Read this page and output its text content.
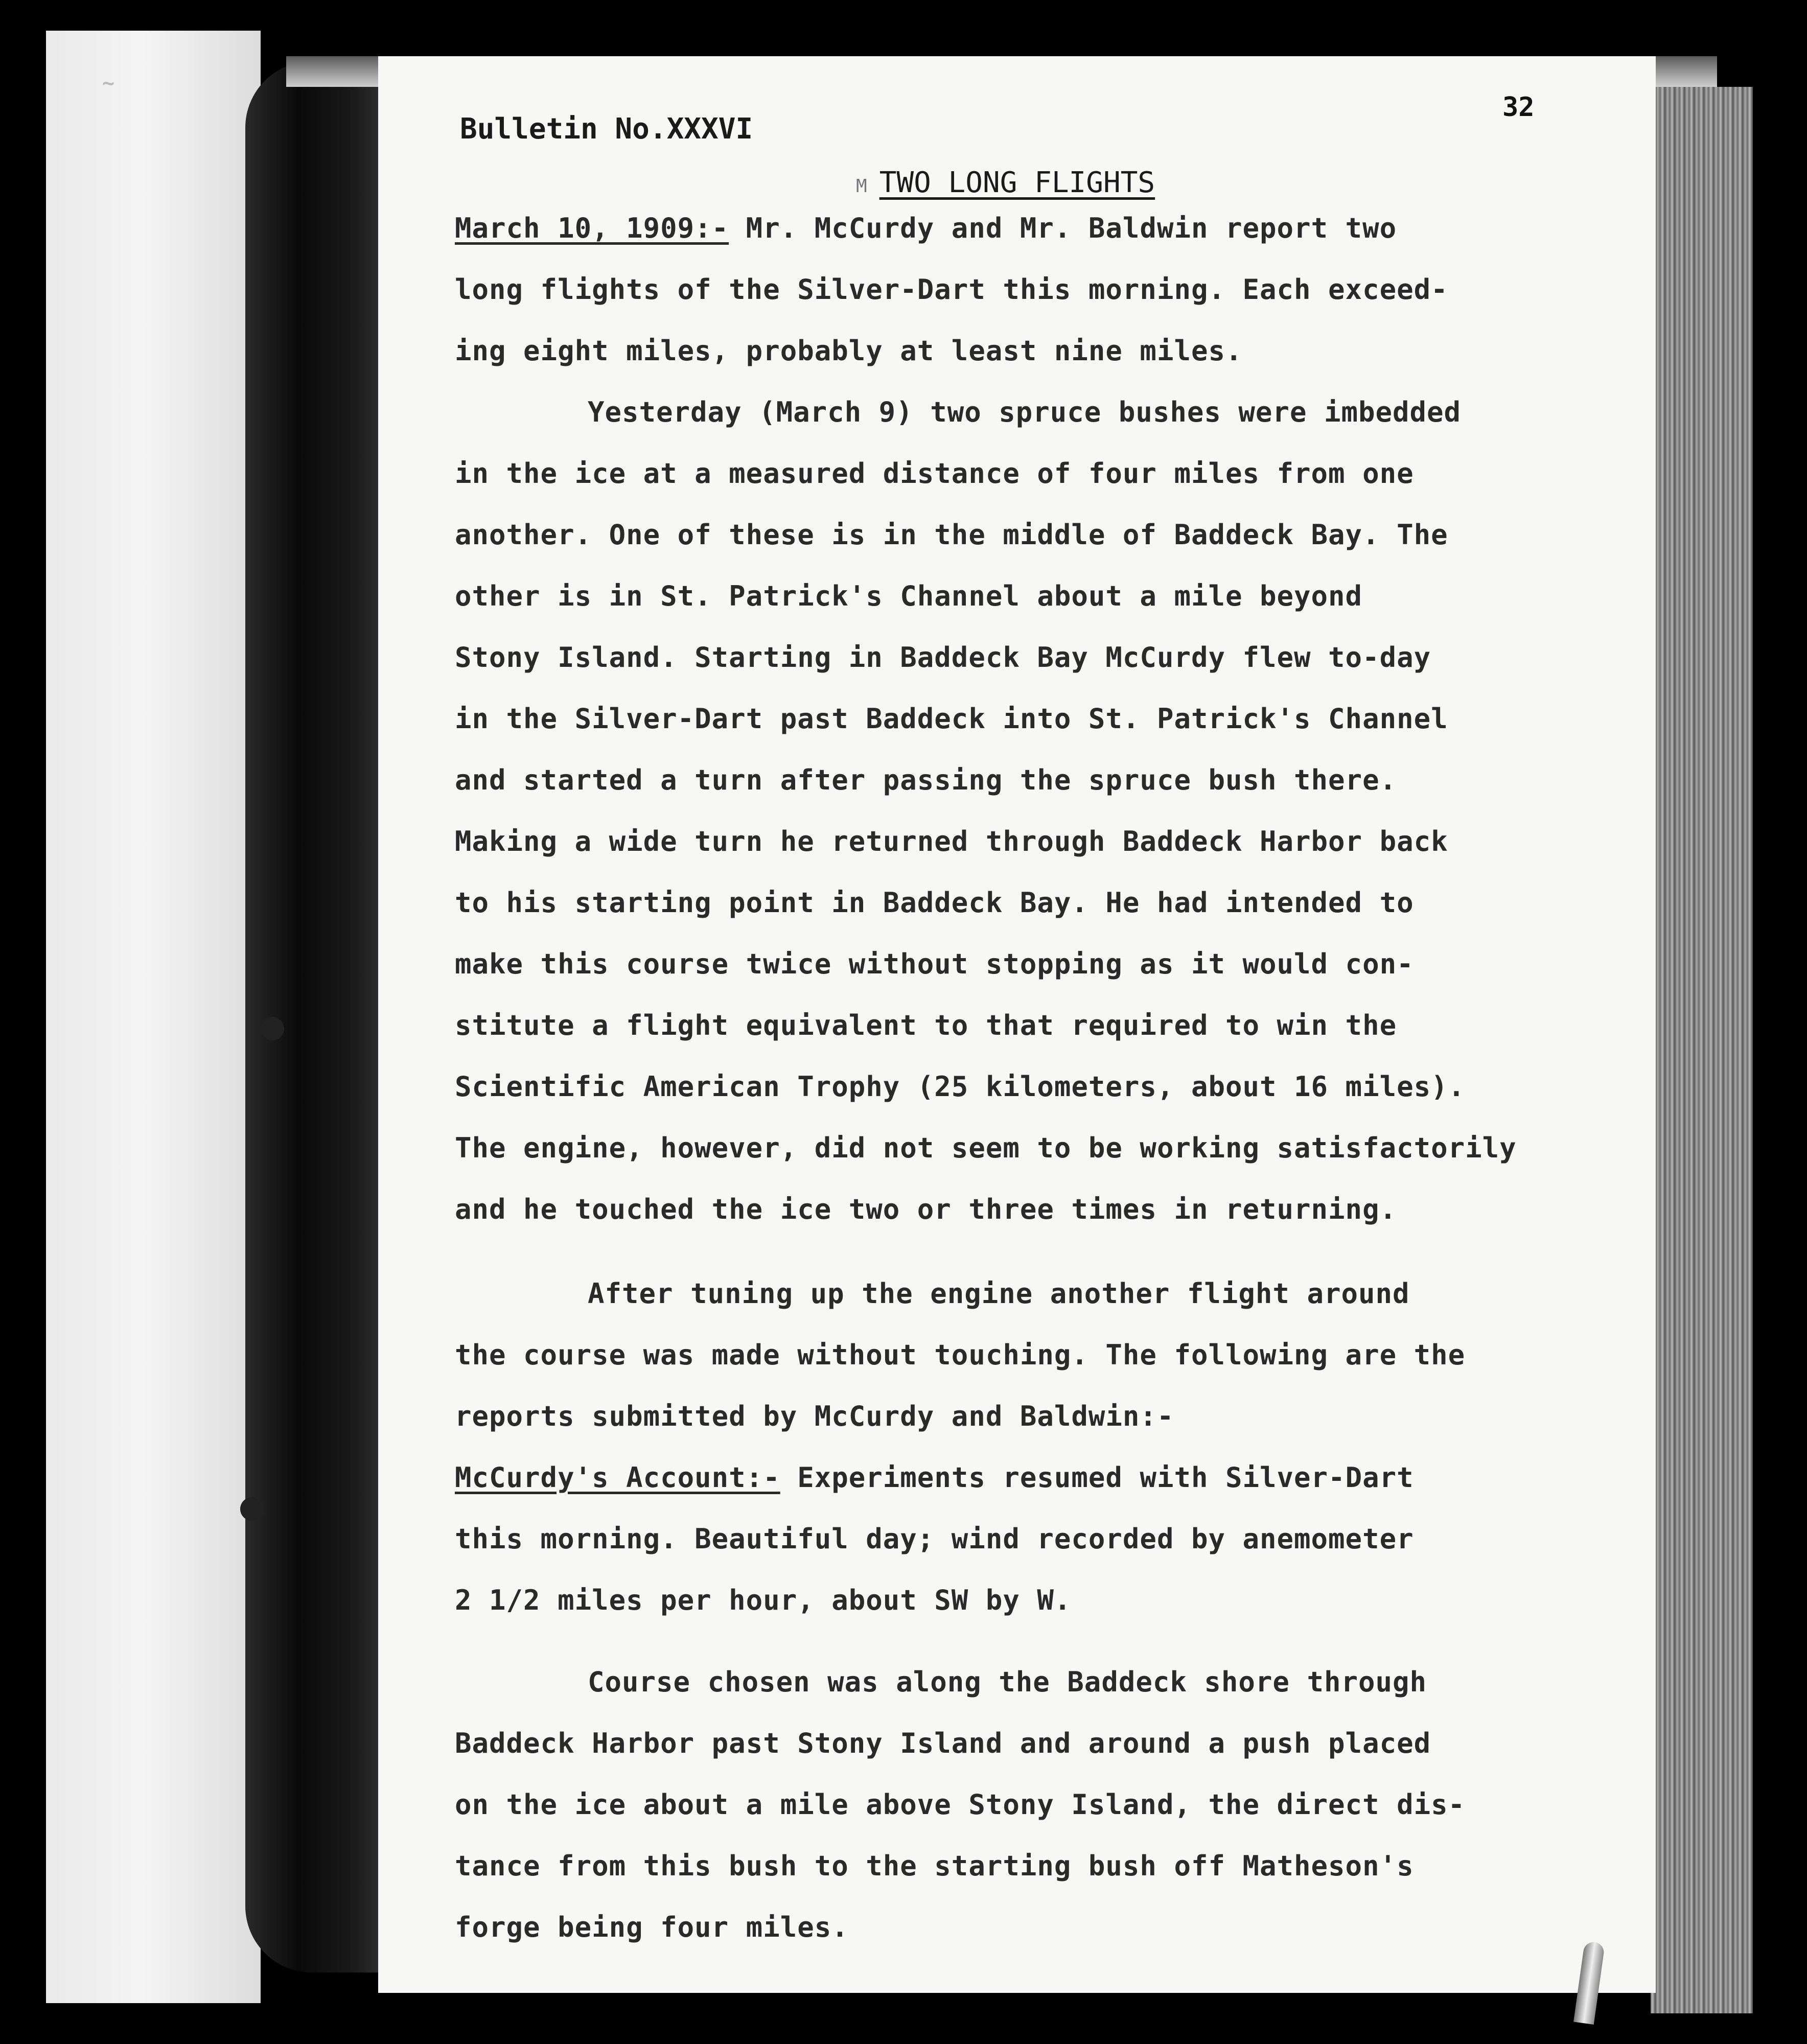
~
32
Bulletin No.XXXVI
M TWO LONG FLIGHTS
March 10, 1909:- Mr. McCurdy and Mr. Baldwin report two
long flights of the Silver-Dart this morning. Each exceed-
ing eight miles, probably at least nine miles.
Yesterday (March 9) two spruce bushes were imbedded
in the ice at a measured distance of four miles from one
another. One of these is in the middle of Baddeck Bay. The
other is in St. Patrick's Channel about a mile beyond
Stony Island. Starting in Baddeck Bay McCurdy flew to-day
in the Silver-Dart past Baddeck into St. Patrick's Channel
and started a turn after passing the spruce bush there.
Making a wide turn he returned through Baddeck Harbor back
to his starting point in Baddeck Bay. He had intended to
make this course twice without stopping as it would con-
stitute a flight equivalent to that required to win the
Scientific American Trophy (25 kilometers, about 16 miles).
The engine, however, did not seem to be working satisfactorily
and he touched the ice two or three times in returning.
After tuning up the engine another flight around
the course was made without touching. The following are the
reports submitted by McCurdy and Baldwin:-
McCurdy's Account:- Experiments resumed with Silver-Dart
this morning. Beautiful day; wind recorded by anemometer
2 1/2 miles per hour, about SW by W.
Course chosen was along the Baddeck shore through
Baddeck Harbor past Stony Island and around a push placed
on the ice about a mile above Stony Island, the direct dis-
tance from this bush to the starting bush off Matheson's
forge being four miles.
